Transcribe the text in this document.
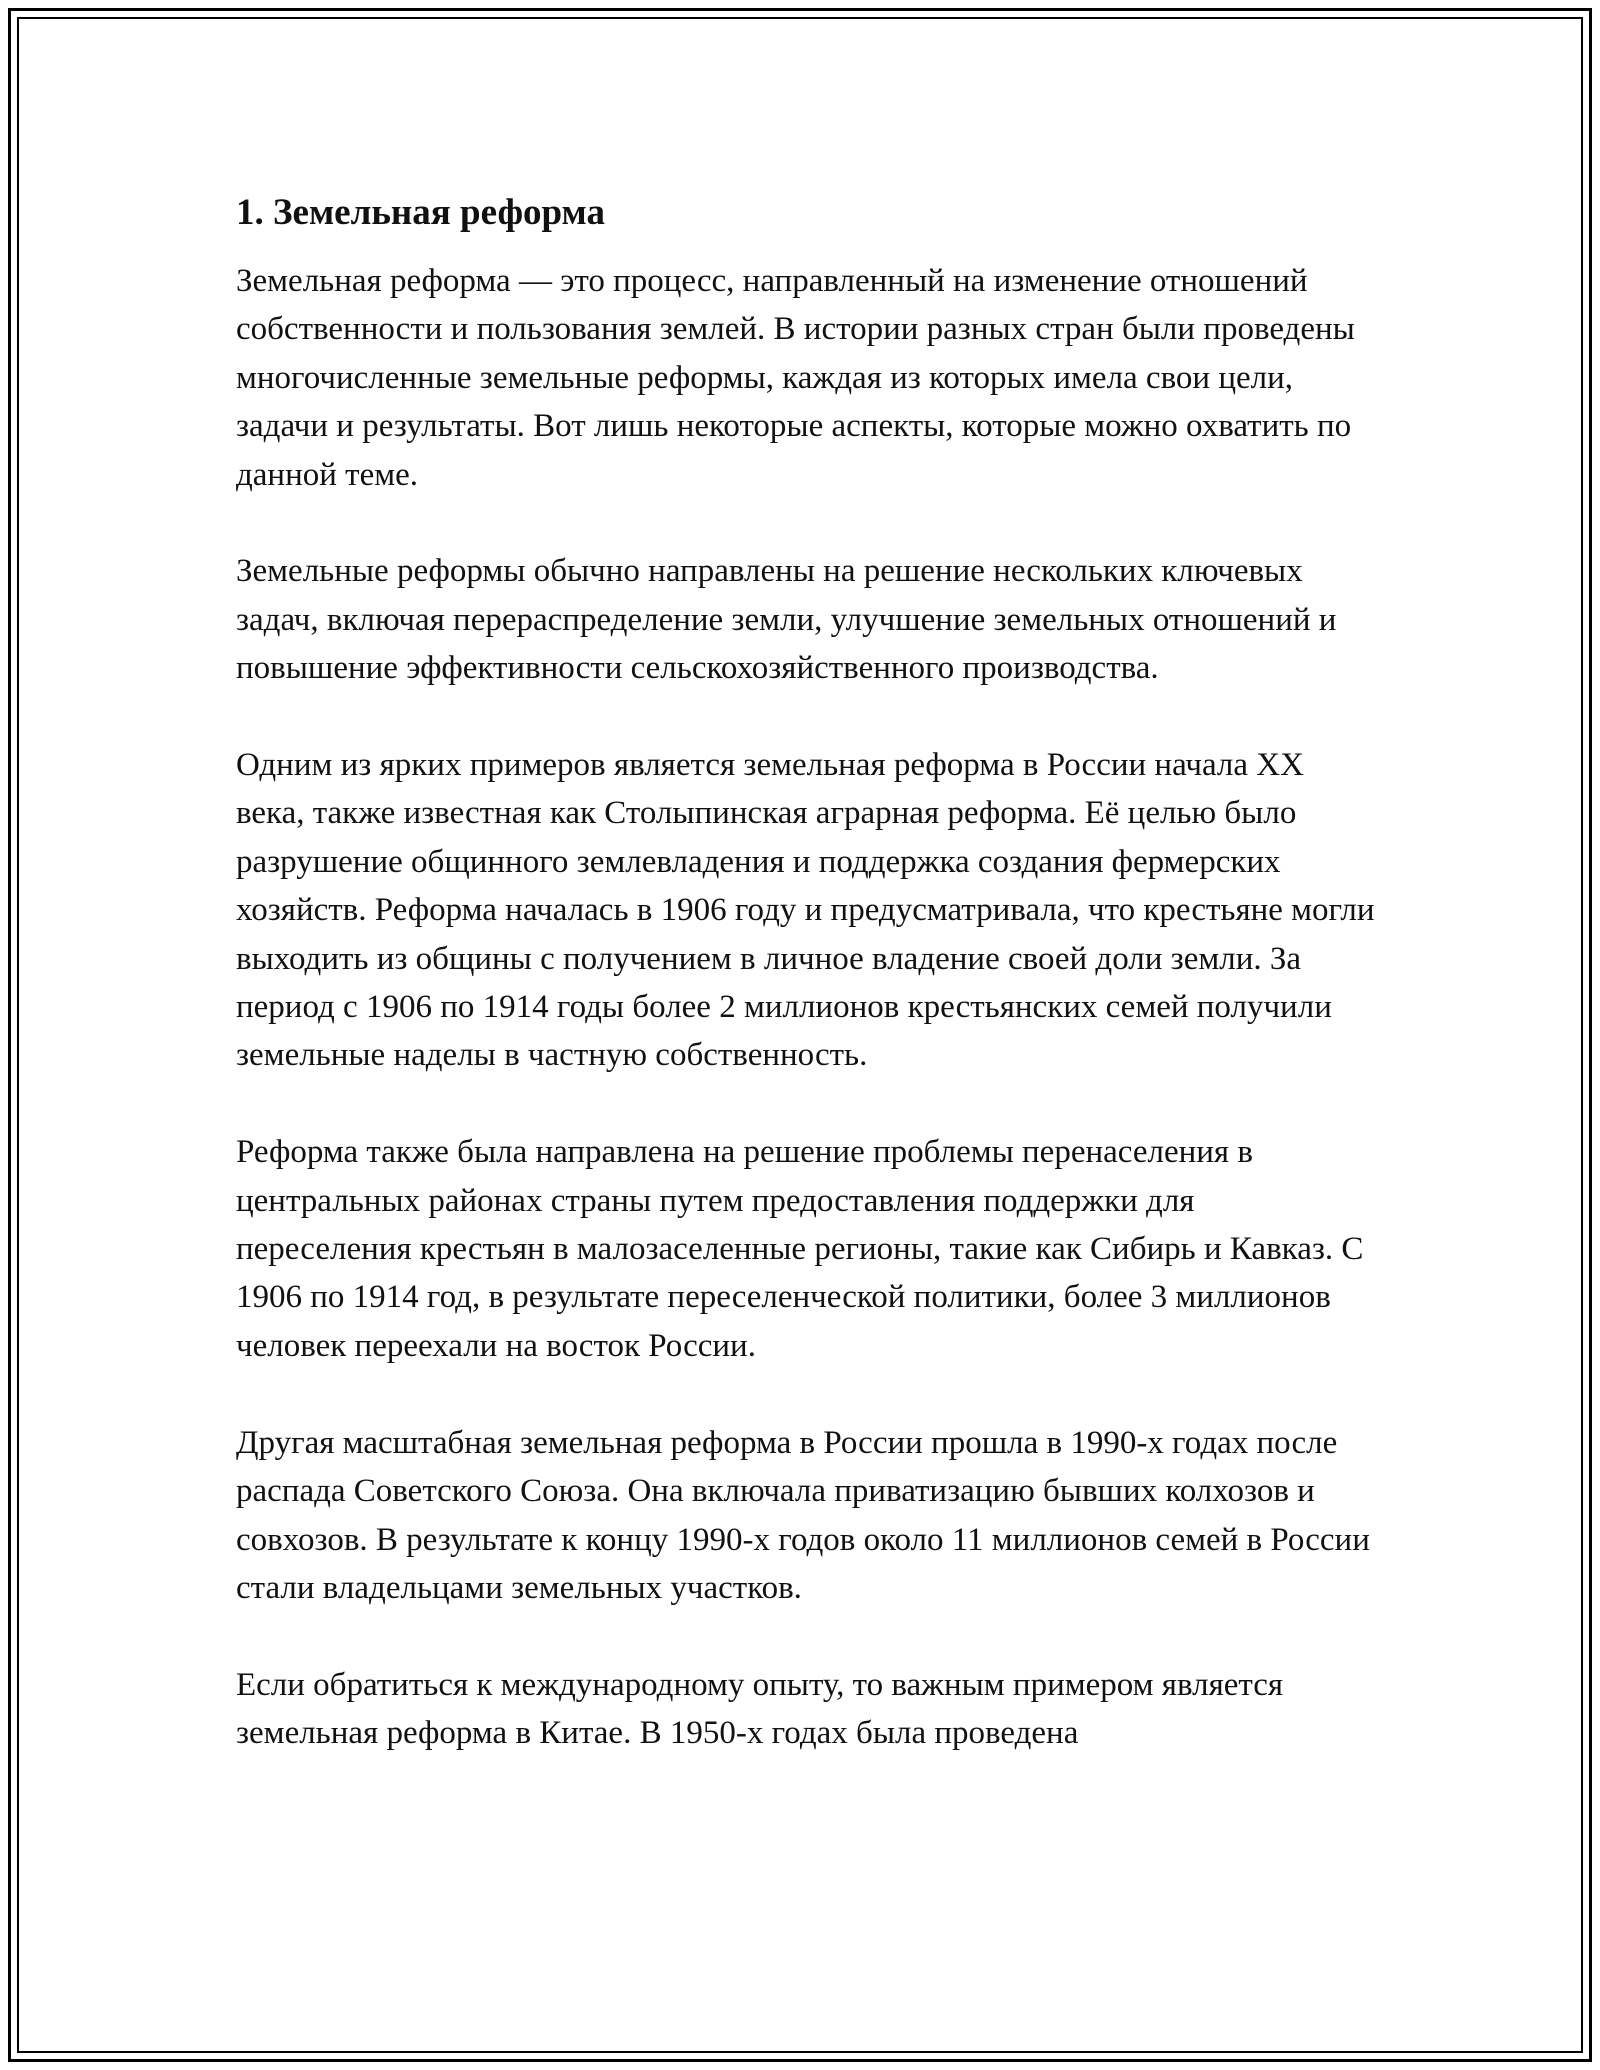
1. Земельная реформа

Земельная реформа — это процесс, направленный на изменение отношений собственности и пользования землей. В истории разных стран были проведены многочисленные земельные реформы, каждая из которых имела свои цели, задачи и результаты. Вот лишь некоторые аспекты, которые можно охватить по данной теме.

Земельные реформы обычно направлены на решение нескольких ключевых задач, включая перераспределение земли, улучшение земельных отношений и повышение эффективности сельскохозяйственного производства.

Одним из ярких примеров является земельная реформа в России начала XX века, также известная как Столыпинская аграрная реформа. Её целью было разрушение общинного землевладения и поддержка создания фермерских хозяйств. Реформа началась в 1906 году и предусматривала, что крестьяне могли выходить из общины с получением в личное владение своей доли земли. За период с 1906 по 1914 годы более 2 миллионов крестьянских семей получили земельные наделы в частную собственность.

Реформа также была направлена на решение проблемы перенаселения в центральных районах страны путем предоставления поддержки для переселения крестьян в малозаселенные регионы, такие как Сибирь и Кавказ. С 1906 по 1914 год, в результате переселенческой политики, более 3 миллионов человек переехали на восток России.

Другая масштабная земельная реформа в России прошла в 1990-х годах после распада Советского Союза. Она включала приватизацию бывших колхозов и совхозов. В результате к концу 1990-х годов около 11 миллионов семей в России стали владельцами земельных участков.

Если обратиться к международному опыту, то важным примером является земельная реформа в Китае. В 1950-х годах была проведена
